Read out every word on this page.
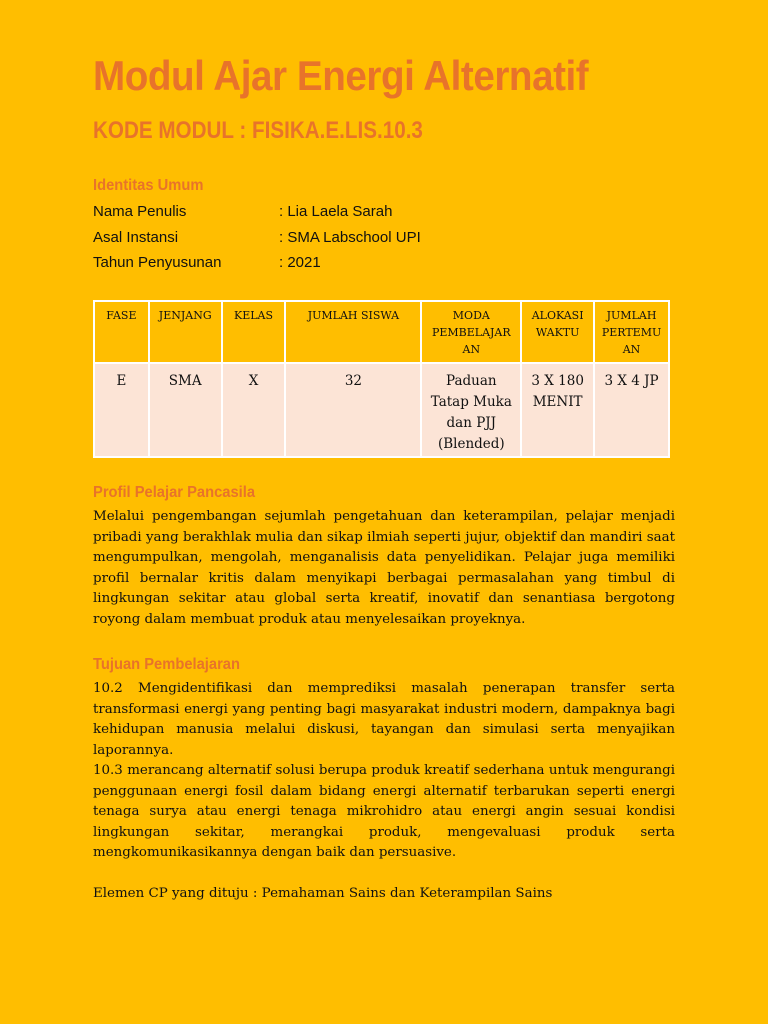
Modul Ajar Energi Alternatif
KODE MODUL : FISIKA.E.LIS.10.3
Identitas Umum
Nama Penulis	: Lia Laela Sarah
Asal Instansi	: SMA Labschool UPI
Tahun Penyusunan	: 2021
FASE	JENJANG	KELAS	JUMLAH SISWA	MODA PEMBELAJAR AN	ALOKASI WAKTU	JUMLAH PERTEMU AN
E	SMA	X	32	Paduan Tatap Muka dan PJJ (Blended)	3 X 180 MENIT	3 X 4 JP
Profil Pelajar Pancasila
Melalui pengembangan sejumlah pengetahuan dan keterampilan, pelajar menjadi pribadi yang berakhlak mulia dan sikap ilmiah seperti jujur, objektif dan mandiri saat mengumpulkan, mengolah, menganalisis data penyelidikan. Pelajar juga memiliki profil bernalar kritis dalam menyikapi berbagai permasalahan yang timbul di lingkungan sekitar atau global serta kreatif, inovatif dan senantiasa bergotong royong dalam membuat produk atau menyelesaikan proyeknya.
Tujuan Pembelajaran
10.2 Mengidentifikasi dan memprediksi masalah penerapan transfer serta transformasi energi yang penting bagi masyarakat industri modern, dampaknya bagi kehidupan manusia melalui diskusi, tayangan dan simulasi serta menyajikan laporannya.
10.3 merancang alternatif solusi berupa produk kreatif sederhana untuk mengurangi penggunaan energi fosil dalam bidang energi alternatif terbarukan seperti energi tenaga surya atau energi tenaga mikrohidro atau energi angin sesuai kondisi lingkungan sekitar, merangkai produk, mengevaluasi produk serta mengkomunikasikannya dengan baik dan persuasive.
Elemen CP yang dituju : Pemahaman Sains dan Keterampilan Sains
